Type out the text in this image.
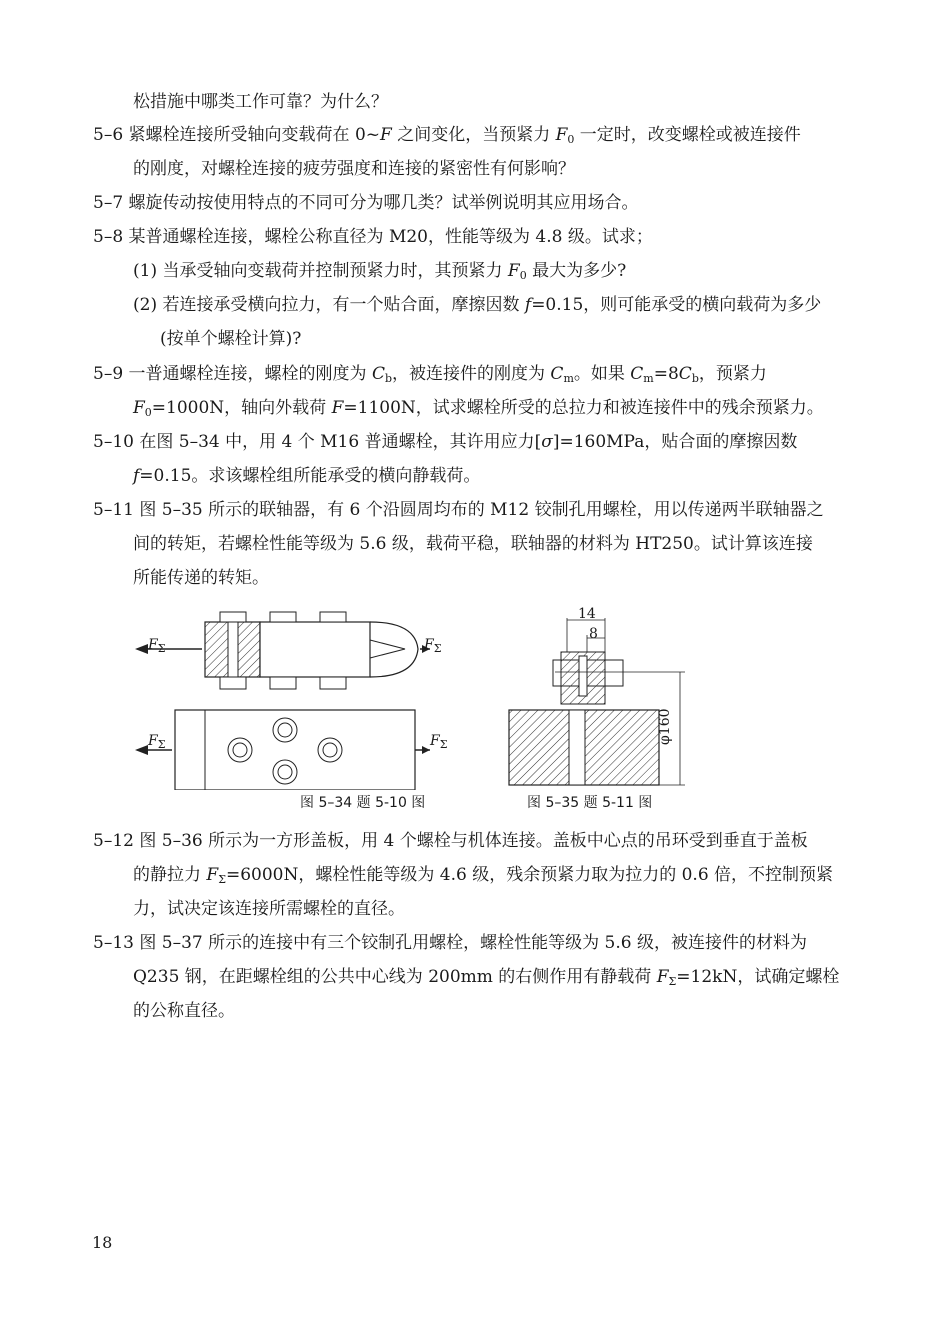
松措施中哪类工作可靠？为什么？
5–6 紧螺栓连接所受轴向变载荷在 0~F 之间变化，当预紧力 $F_0$ 一定时，改变螺栓或被连接件
的刚度，对螺栓连接的疲劳强度和连接的紧密性有何影响？
5–7 螺旋传动按使用特点的不同可分为哪几类？试举例说明其应用场合。
5–8 某普通螺栓连接，螺栓公称直径为 M20，性能等级为 4.8 级。试求；
(1) 当承受轴向变载荷并控制预紧力时，其预紧力 $F_0$ 最大为多少?
(2) 若连接承受横向拉力，有一个贴合面，摩擦因数 f=0.15，则可能承受的横向载荷为多少
(按单个螺栓计算)?
5–9 一普通螺栓连接，螺栓的刚度为 $C_b$，被连接件的刚度为 $C_m$。如果 $C_m=8C_b$，预紧力
$F_0=1000N$，轴向外载荷 F=1100N，试求螺栓所受的总拉力和被连接件中的残余预紧力。
5–10 在图 5–34 中，用 4 个 M16 普通螺栓，其许用应力[σ]=160MPa，贴合面的摩擦因数
f=0.15。求该螺栓组所能承受的横向静载荷。
5–11 图 5–35 所示的联轴器，有 6 个沿圆周均布的 M12 铰制孔用螺栓，用以传递两半联轴器之
间的转矩，若螺栓性能等级为 5.6 级，载荷平稳，联轴器的材料为 HT250。试计算该连接
所能传递的转矩。
$F_\Sigma$	$F_\Sigma$
$F_\Sigma$	$F_\Sigma$
图 5–34 题 5-10 图
14
8
φ160
图 5–35 题 5-11 图
5–12 图 5–36 所示为一方形盖板，用 4 个螺栓与机体连接。盖板中心点的吊环受到垂直于盖板
的静拉力 $F_\Sigma=6000N$，螺栓性能等级为 4.6 级，残余预紧力取为拉力的 0.6 倍，不控制预紧
力，试决定该连接所需螺栓的直径。
5–13 图 5–37 所示的连接中有三个铰制孔用螺栓，螺栓性能等级为 5.6 级，被连接件的材料为
Q235 钢，在距螺栓组的公共中心线为 200mm 的右侧作用有静载荷 $F_\Sigma=12kN$，试确定螺栓
的公称直径。
18
